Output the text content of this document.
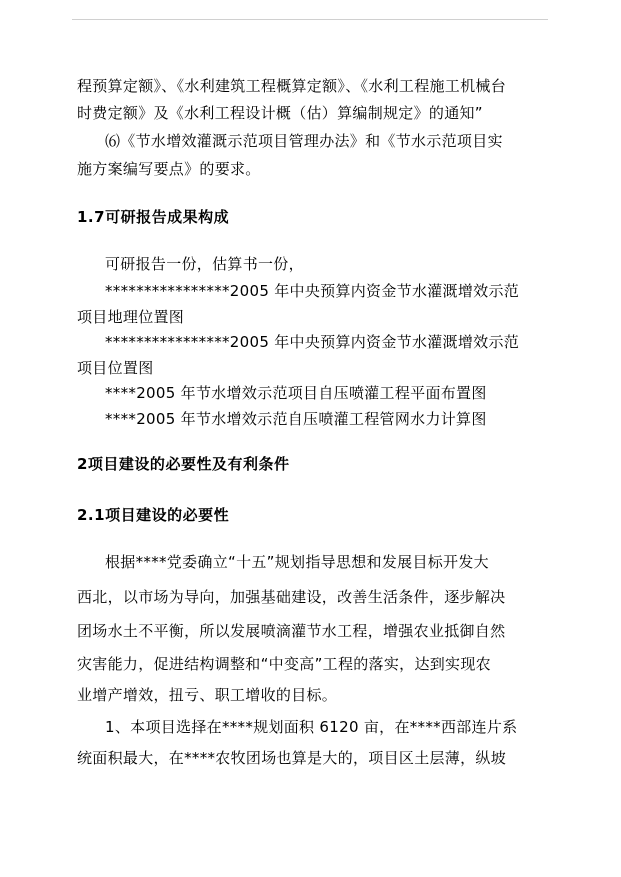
程预算定额》、《水利建筑工程概算定额》、《水利工程施工机械台
时费定额》及《水利工程设计概（估）算编制规定》的通知”
⑹《节水增效灌溉示范项目管理办法》和《节水示范项目实
施方案编写要点》的要求。
1.7可研报告成果构成
可研报告一份，估算书一份，
****************2005 年中央预算内资金节水灌溉增效示范
项目地理位置图
****************2005 年中央预算内资金节水灌溉增效示范
项目位置图
****2005 年节水增效示范项目自压喷灌工程平面布置图
****2005 年节水增效示范自压喷灌工程管网水力计算图
2项目建设的必要性及有利条件
2.1项目建设的必要性
根据****党委确立“十五”规划指导思想和发展目标开发大
西北，以市场为导向，加强基础建设，改善生活条件，逐步解决
团场水土不平衡，所以发展喷滴灌节水工程，增强农业抵御自然
灾害能力，促进结构调整和“中变高”工程的落实，达到实现农
业增产增效，扭亏、职工增收的目标。
1、本项目选择在****规划面积 6120 亩，在****西部连片系
统面积最大，在****农牧团场也算是大的，项目区土层薄，纵坡
